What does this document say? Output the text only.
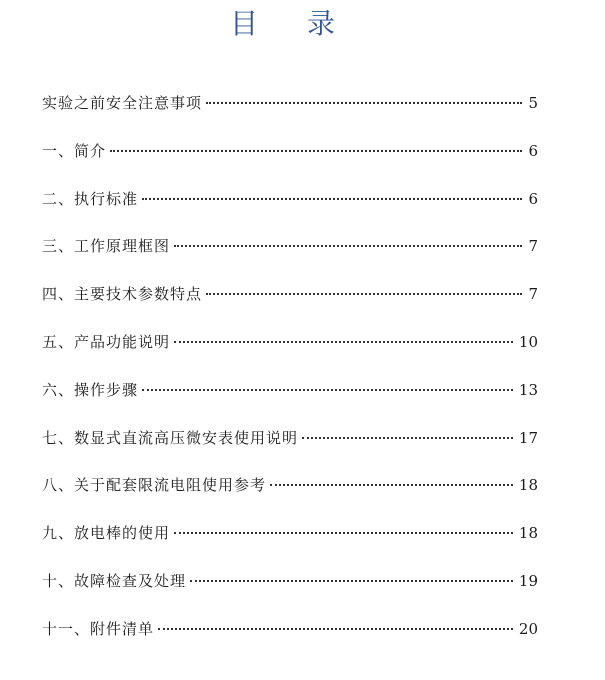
目 录
实验之前安全注意事项	5
一、简介	6
二、执行标准	6
三、工作原理框图	7
四、主要技术参数特点	7
五、产品功能说明	10
六、操作步骤	13
七、数显式直流高压微安表使用说明	17
八、关于配套限流电阻使用参考	18
九、放电棒的使用	18
十、故障检查及处理	19
十一、附件清单	20
